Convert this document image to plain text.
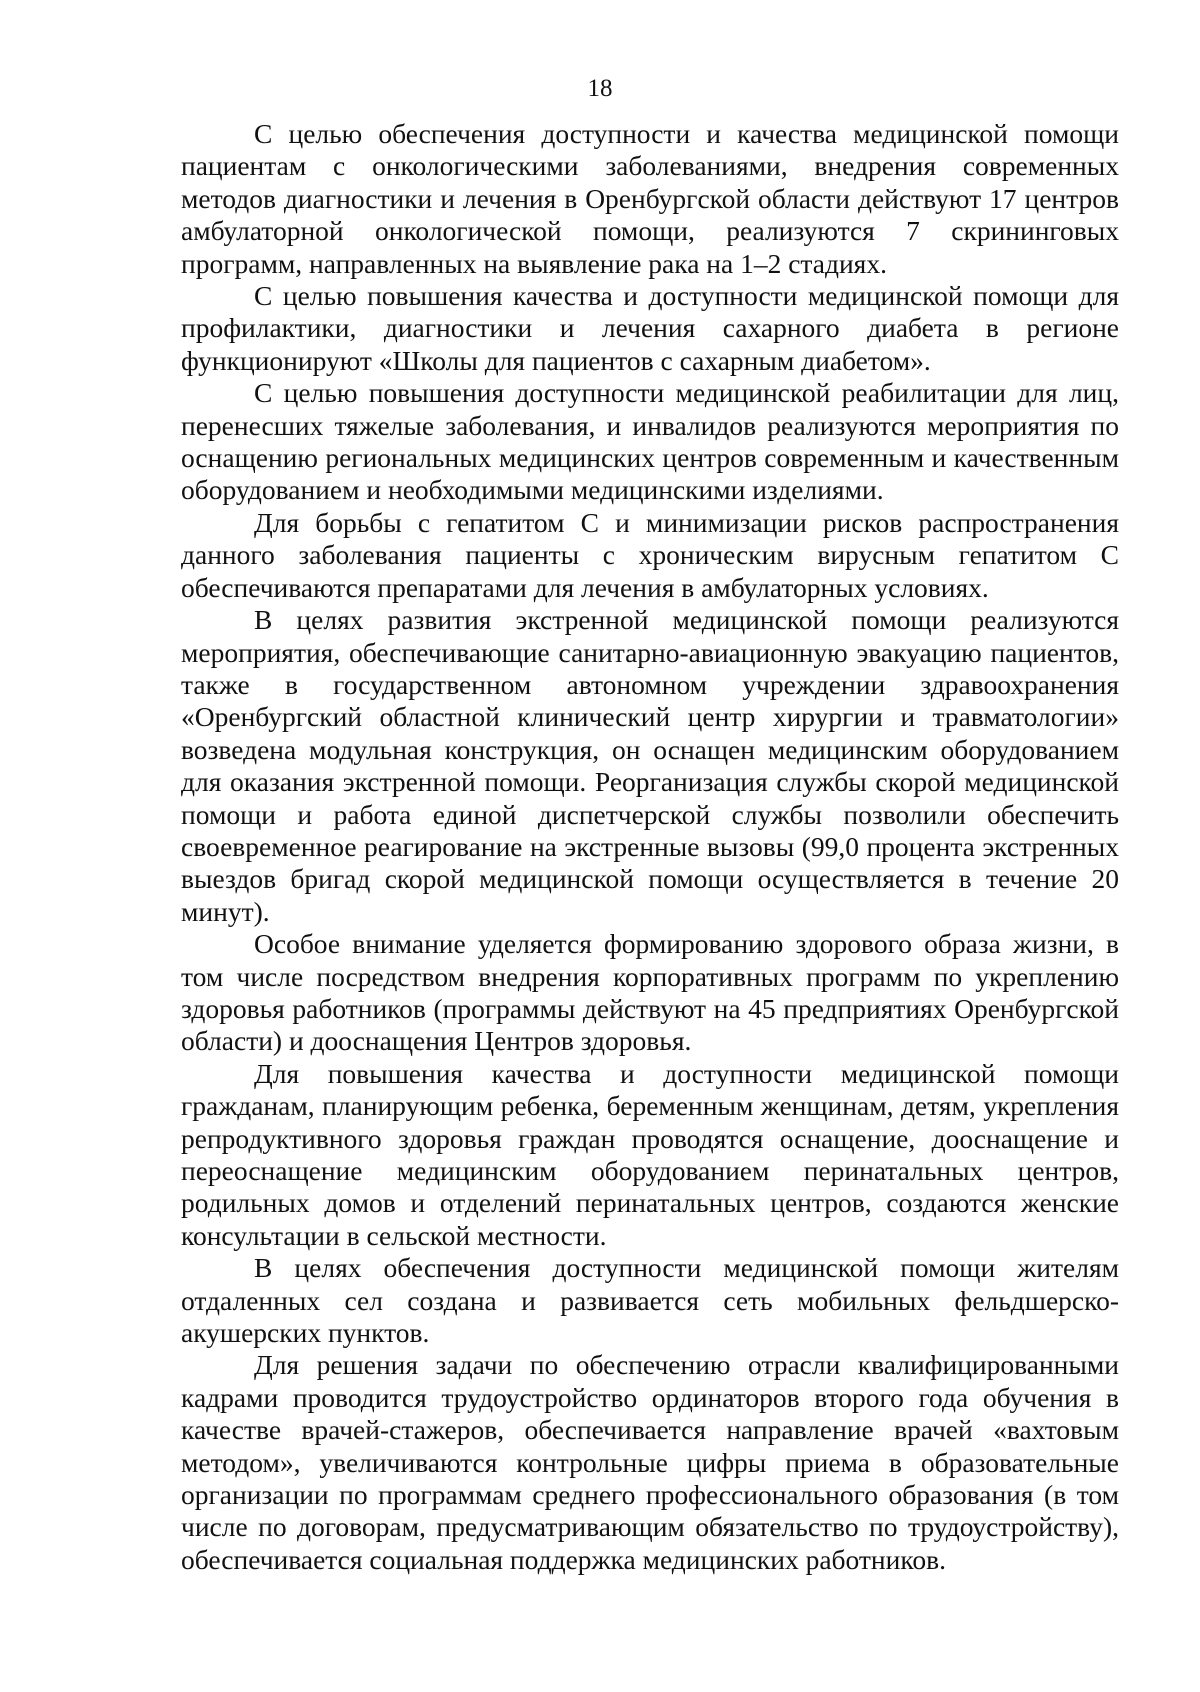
18

С целью обеспечения доступности и качества медицинской помощи пациентам с онкологическими заболеваниями, внедрения современных методов диагностики и лечения в Оренбургской области действуют 17 центров амбулаторной онкологической помощи, реализуются 7 скрининговых программ, направленных на выявление рака на 1–2 стадиях.

С целью повышения качества и доступности медицинской помощи для профилактики, диагностики и лечения сахарного диабета в регионе функционируют «Школы для пациентов с сахарным диабетом».

С целью повышения доступности медицинской реабилитации для лиц, перенесших тяжелые заболевания, и инвалидов реализуются мероприятия по оснащению региональных медицинских центров современным и качественным оборудованием и необходимыми медицинскими изделиями.

Для борьбы с гепатитом С и минимизации рисков распространения данного заболевания пациенты с хроническим вирусным гепатитом С обеспечиваются препаратами для лечения в амбулаторных условиях.

В целях развития экстренной медицинской помощи реализуются мероприятия, обеспечивающие санитарно-авиационную эвакуацию пациентов, также в государственном автономном учреждении здравоохранения «Оренбургский областной клинический центр хирургии и травматологии» возведена модульная конструкция, он оснащен медицинским оборудованием для оказания экстренной помощи. Реорганизация службы скорой медицинской помощи и работа единой диспетчерской службы позволили обеспечить своевременное реагирование на экстренные вызовы (99,0 процента экстренных выездов бригад скорой медицинской помощи осуществляется в течение 20 минут).

Особое внимание уделяется формированию здорового образа жизни, в том числе посредством внедрения корпоративных программ по укреплению здоровья работников (программы действуют на 45 предприятиях Оренбургской области) и дооснащения Центров здоровья.

Для повышения качества и доступности медицинской помощи гражданам, планирующим ребенка, беременным женщинам, детям, укрепления репродуктивного здоровья граждан проводятся оснащение, дооснащение и переоснащение медицинским оборудованием перинатальных центров, родильных домов и отделений перинатальных центров, создаются женские консультации в сельской местности.

В целях обеспечения доступности медицинской помощи жителям отдаленных сел создана и развивается сеть мобильных фельдшерско-акушерских пунктов.

Для решения задачи по обеспечению отрасли квалифицированными кадрами проводится трудоустройство ординаторов второго года обучения в качестве врачей-стажеров, обеспечивается направление врачей «вахтовым методом», увеличиваются контрольные цифры приема в образовательные организации по программам среднего профессионального образования (в том числе по договорам, предусматривающим обязательство по трудоустройству), обеспечивается социальная поддержка медицинских работников.
